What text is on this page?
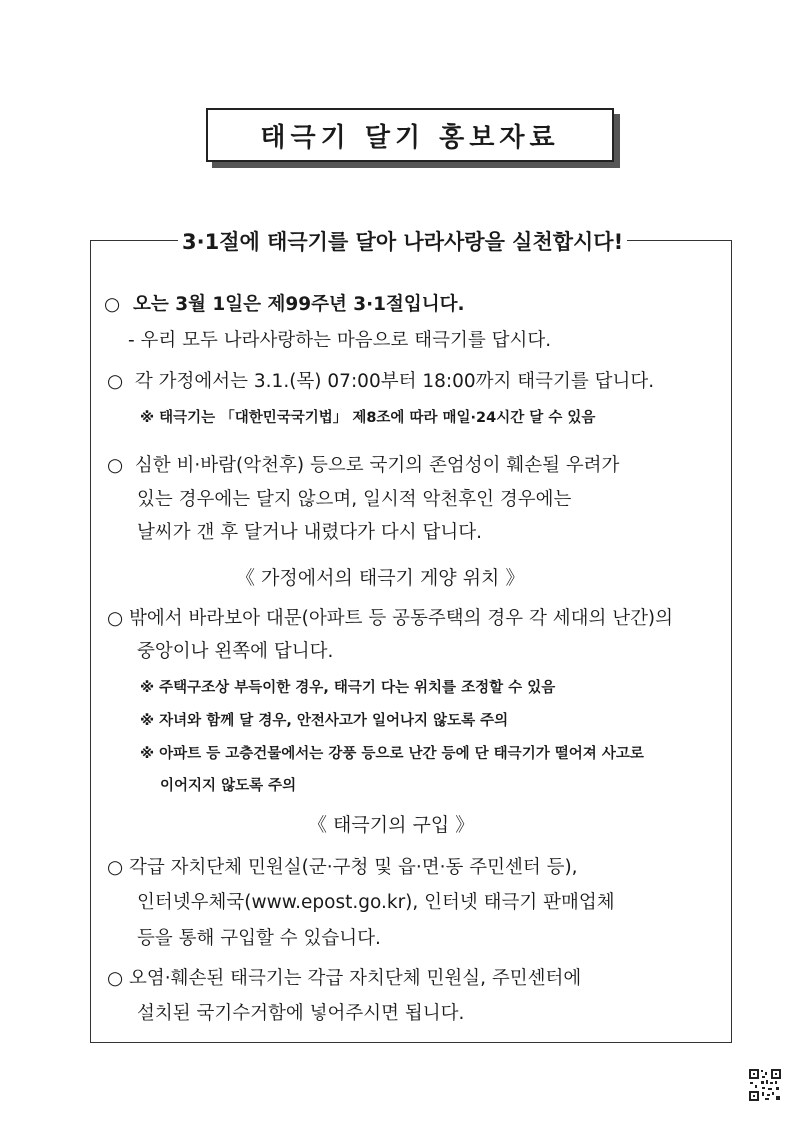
태극기 달기 홍보자료
3·1절에 태극기를 달아 나라사랑을 실천합시다!
○ 오는 3월 1일은 제99주년 3·1절입니다.
- 우리 모두 나라사랑하는 마음으로 태극기를 답시다.
○ 각 가정에서는 3.1.(목) 07:00부터 18:00까지 태극기를 답니다.
※ 태극기는 「대한민국국기법」 제8조에 따라 매일·24시간 달 수 있음
○ 심한 비·바람(악천후) 등으로 국기의 존엄성이 훼손될 우려가
있는 경우에는 달지 않으며, 일시적 악천후인 경우에는
날씨가 갠 후 달거나 내렸다가 다시 답니다.
《 가정에서의 태극기 게양 위치 》
○ 밖에서 바라보아 대문(아파트 등 공동주택의 경우 각 세대의 난간)의
중앙이나 왼쪽에 답니다.
※ 주택구조상 부득이한 경우, 태극기 다는 위치를 조정할 수 있음
※ 자녀와 함께 달 경우, 안전사고가 일어나지 않도록 주의
※ 아파트 등 고층건물에서는 강풍 등으로 난간 등에 단 태극기가 떨어져 사고로
이어지지 않도록 주의
《 태극기의 구입 》
○ 각급 자치단체 민원실(군·구청 및 읍·면·동 주민센터 등),
인터넷우체국(www.epost.go.kr), 인터넷 태극기 판매업체
등을 통해 구입할 수 있습니다.
○ 오염·훼손된 태극기는 각급 자치단체 민원실, 주민센터에
설치된 국기수거함에 넣어주시면 됩니다.
